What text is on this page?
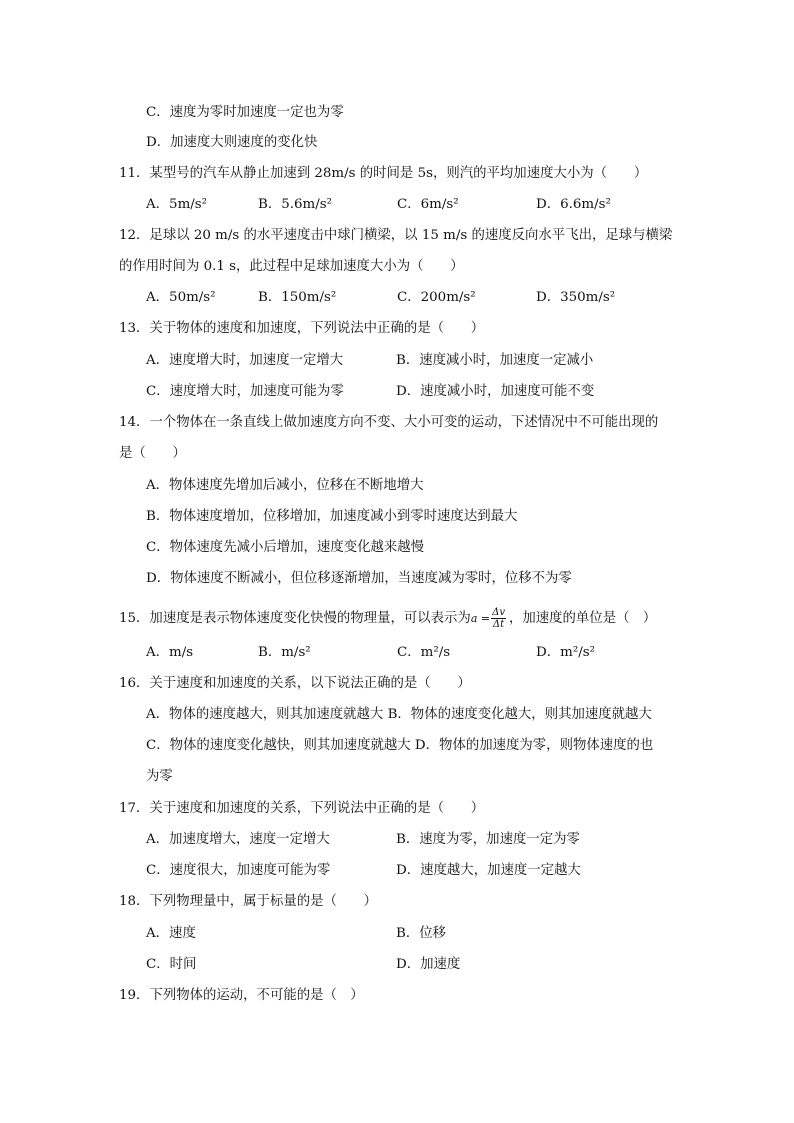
C．速度为零时加速度一定也为零
D．加速度大则速度的变化快
11．某型号的汽车从静止加速到 28m/s 的时间是 5s，则汽的平均加速度大小为（　　）
A．5m/s²	B．5.6m/s²	C．6m/s²	D．6.6m/s²
12．足球以 20 m/s 的水平速度击中球门横梁，以 15 m/s 的速度反向水平飞出，足球与横梁
的作用时间为 0.1 s，此过程中足球加速度大小为（　　）
A．50m/s²	B．150m/s²	C．200m/s²	D．350m/s²
13．关于物体的速度和加速度，下列说法中正确的是（　　）
A．速度增大时，加速度一定增大	B．速度减小时，加速度一定减小
C．速度增大时，加速度可能为零	D．速度减小时，加速度可能不变
14．一个物体在一条直线上做加速度方向不变、大小可变的运动，下述情况中不可能出现的
是（　　）
A．物体速度先增加后减小，位移在不断地增大
B．物体速度增加，位移增加，加速度减小到零时速度达到最大
C．物体速度先减小后增加，速度变化越来越慢
D．物体速度不断减小，但位移逐渐增加，当速度减为零时，位移不为零
15．加速度是表示物体速度变化快慢的物理量，可以表示为$a = \frac{\Delta v}{\Delta t}$ ，加速度的单位是（　）
A．m/s	B．m/s²	C．m²/s	D．m²/s²
16．关于速度和加速度的关系，以下说法正确的是（　　）
A．物体的速度越大，则其加速度就越大 B．物体的速度变化越大，则其加速度就越大
C．物体的速度变化越快，则其加速度就越大 D．物体的加速度为零，则物体速度的也
为零
17．关于速度和加速度的关系，下列说法中正确的是（　　）
A．加速度增大，速度一定增大	B．速度为零，加速度一定为零
C．速度很大，加速度可能为零	D．速度越大，加速度一定越大
18．下列物理量中，属于标量的是（　　）
A．速度	B．位移
C．时间	D．加速度
19．下列物体的运动，不可能的是（　）
